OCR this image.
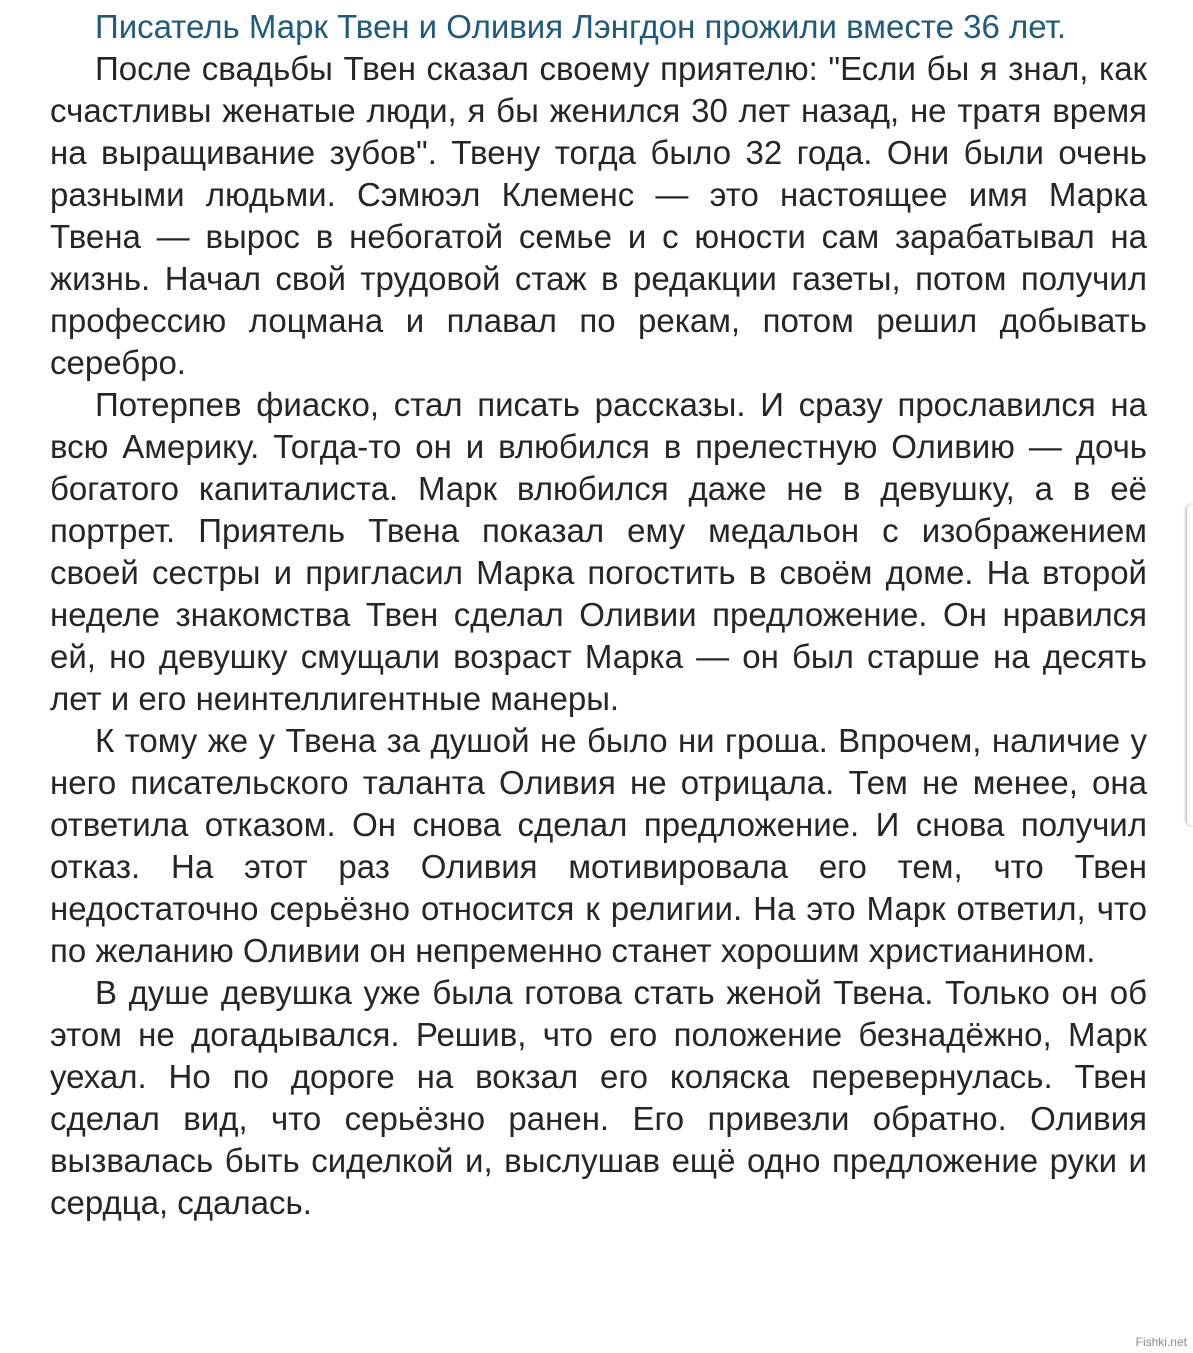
Писатель Марк Твен и Оливия Лэнгдон прожили вместе 36 лет.

После свадьбы Твен сказал своему приятелю: "Если бы я знал, как счастливы женатые люди, я бы женился 30 лет назад, не тратя время на выращивание зубов". Твену тогда было 32 года. Они были очень разными людьми. Сэмюэл Клеменс — это настоящее имя Марка Твена — вырос в небогатой семье и с юности сам зарабатывал на жизнь. Начал свой трудовой стаж в редакции газеты, потом получил профессию лоцмана и плавал по рекам, потом решил добывать серебро.

Потерпев фиаско, стал писать рассказы. И сразу прославился на всю Америку. Тогда-то он и влюбился в прелестную Оливию — дочь богатого капиталиста. Марк влюбился даже не в девушку, а в её портрет. Приятель Твена показал ему медальон с изображением своей сестры и пригласил Марка погостить в своём доме. На второй неделе знакомства Твен сделал Оливии предложение. Он нравился ей, но девушку смущали возраст Марка — он был старше на десять лет и его неинтеллигентные манеры.

К тому же у Твена за душой не было ни гроша. Впрочем, наличие у него писательского таланта Оливия не отрицала. Тем не менее, она ответила отказом. Он снова сделал предложение. И снова получил отказ. На этот раз Оливия мотивировала его тем, что Твен недостаточно серьёзно относится к религии. На это Марк ответил, что по желанию Оливии он непременно станет хорошим христианином.

В душе девушка уже была готова стать женой Твена. Только он об этом не догадывался. Решив, что его положение безнадёжно, Марк уехал. Но по дороге на вокзал его коляска перевернулась. Твен сделал вид, что серьёзно ранен. Его привезли обратно. Оливия вызвалась быть сиделкой и, выслушав ещё одно предложение руки и сердца, сдалась.

Fishki.net
